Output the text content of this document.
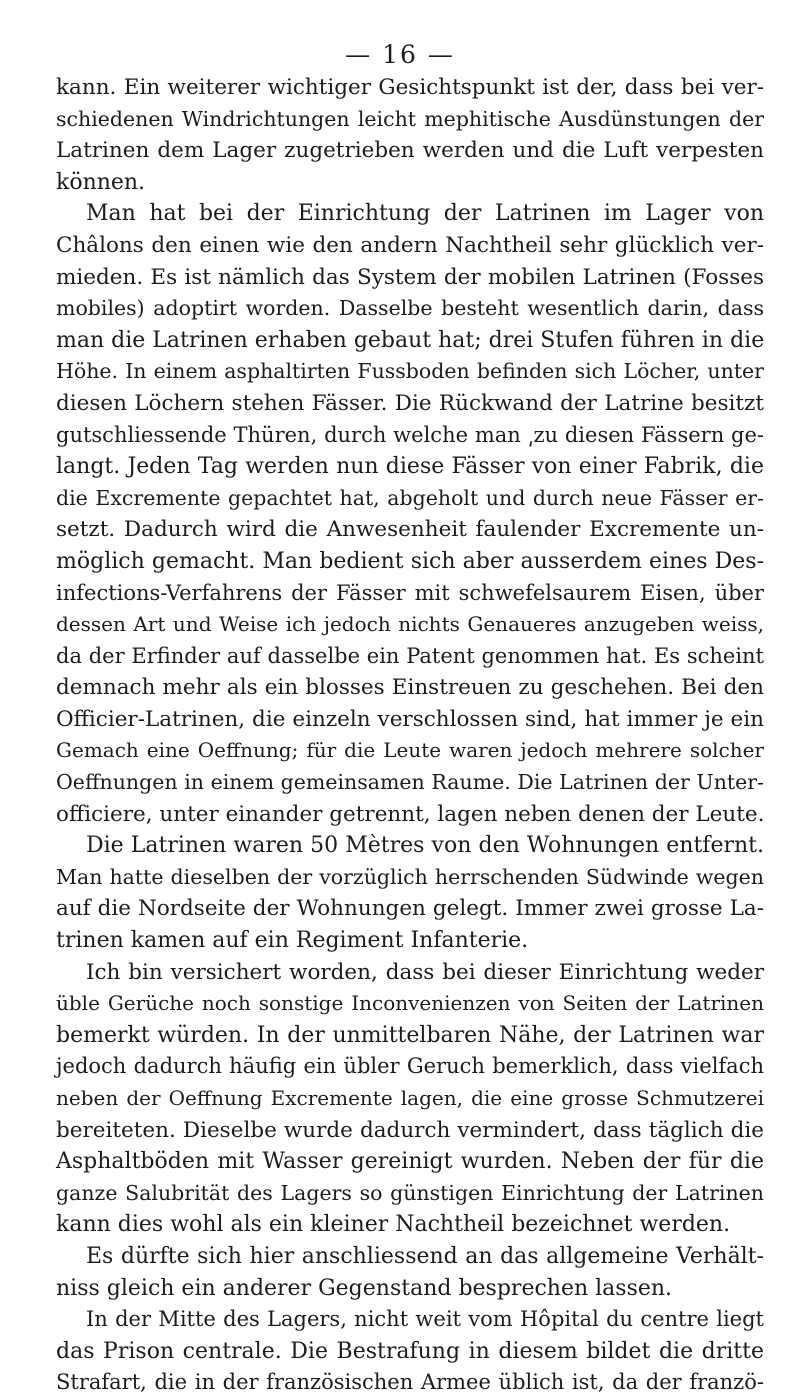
— 16 —
kann. Ein weiterer wichtiger Gesichtspunkt ist der, dass bei ver-
schiedenen Windrichtungen leicht mephitische Ausdünstungen der
Latrinen dem Lager zugetrieben werden und die Luft verpesten
können.
Man hat bei der Einrichtung der Latrinen im Lager von
Châlons den einen wie den andern Nachtheil sehr glücklich ver-
mieden. Es ist nämlich das System der mobilen Latrinen (Fosses
mobiles) adoptirt worden. Dasselbe besteht wesentlich darin, dass
man die Latrinen erhaben gebaut hat; drei Stufen führen in die
Höhe. In einem asphaltirten Fussboden befinden sich Löcher, unter
diesen Löchern stehen Fässer. Die Rückwand der Latrine besitzt
gutschliessende Thüren, durch welche man ͵zu diesen Fässern ge-
langt. Jeden Tag werden nun diese Fässer von einer Fabrik, die
die Excremente gepachtet hat, abgeholt und durch neue Fässer er-
setzt. Dadurch wird die Anwesenheit faulender Excremente un-
möglich gemacht. Man bedient sich aber ausserdem eines Des-
infections-Verfahrens der Fässer mit schwefelsaurem Eisen, über
dessen Art und Weise ich jedoch nichts Genaueres anzugeben weiss,
da der Erfinder auf dasselbe ein Patent genommen hat. Es scheint
demnach mehr als ein blosses Einstreuen zu geschehen. Bei den
Officier-Latrinen, die einzeln verschlossen sind, hat immer je ein
Gemach eine Oeffnung; für die Leute waren jedoch mehrere solcher
Oeffnungen in einem gemeinsamen Raume. Die Latrinen der Unter-
officiere, unter einander getrennt, lagen neben denen der Leute.
Die Latrinen waren 50 Mètres von den Wohnungen entfernt.
Man hatte dieselben der vorzüglich herrschenden Südwinde wegen
auf die Nordseite der Wohnungen gelegt. Immer zwei grosse La-
trinen kamen auf ein Regiment Infanterie.
Ich bin versichert worden, dass bei dieser Einrichtung weder
üble Gerüche noch sonstige Inconvenienzen von Seiten der Latrinen
bemerkt würden. In der unmittelbaren Nähe, der Latrinen war
jedoch dadurch häufig ein übler Geruch bemerklich, dass vielfach
neben der Oeffnung Excremente lagen, die eine grosse Schmutzerei
bereiteten. Dieselbe wurde dadurch vermindert, dass täglich die
Asphaltböden mit Wasser gereinigt wurden. Neben der für die
ganze Salubrität des Lagers so günstigen Einrichtung der Latrinen
kann dies wohl als ein kleiner Nachtheil bezeichnet werden.
Es dürfte sich hier anschliessend an das allgemeine Verhält-
niss gleich ein anderer Gegenstand besprechen lassen.
In der Mitte des Lagers, nicht weit vom Hôpital du centre liegt
das Prison centrale. Die Bestrafung in diesem bildet die dritte
Strafart, die in der französischen Armee üblich ist, da der franzö-
